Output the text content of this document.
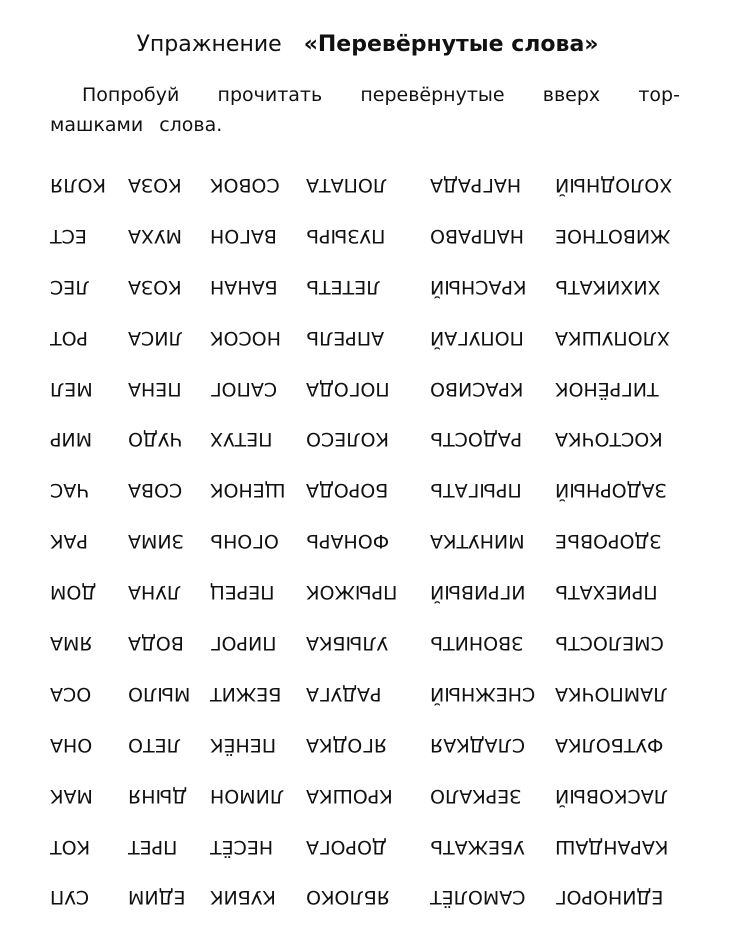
Упражнение «Перевёрнутые слова»
Попробуй прочитать перевёрнутые вверх тор-
машками слова.
КОЛЯ КОЗА СОВОК ЛОПАТА НАГРАДА ХОЛОДНЫЙ
ЕСТ МУХА ВАГОН ПУЗЫРЬ НАПРАВО ЖИВОТНОЕ
ЛЕС КОЗА БАНАН ЛЕТЕТЬ	КРАСНЫЙ ХИХИКАТЬ
РОТ ЛИСА НОСОК АПРЕЛЬ ПОПУГАЙ ХЛОПУШКА
МЕЛ ПЕНА САПОГ ПОГОДА КРАСИВО ТИГРЁНОК
МИР ЧУДО ПЕТУХ КОЛЕСО РАДОСТЬ КОСТОЧКА
ЧАС СОВА ЩЕНОК БОРОДА ПРЫГАТЬ ЗАДОРНЫЙ
РАК ЗИМА ОГОНЬ ФОНАРЬ МИНУТКА ЗДОРОВЬЕ
ДОМ ЛУНА ПЕРЕЦ ПРЫЖОК ИГРИВЫЙ ПРИЕХАТЬ
ЯМА ВОДА ПИРОГ УЛЫБКА ЗВОНИТЬ СМЕЛОСТЬ
ОСА МЫЛО БЕЖИТ РАДУГА	СНЕЖНЫЙ ЛАМПОЧКА
ОНА ЛЕТО ПЕНЁК ЯГОДКА СЛАДКАЯ ФУТБОЛКА
МАК ДЫНЯ ЛИМОН КРОШКА ЗЕРКАЛО ЛАСКОВЫЙ
КОТ ПРЕТ НЕСЁТ ДОРОГА УБЕЖАТЬ КАРАНДАШ
СУП ЕДИМ КУБИК ЯБЛОКО САМОЛЁТ ЕДИНОРОГ
